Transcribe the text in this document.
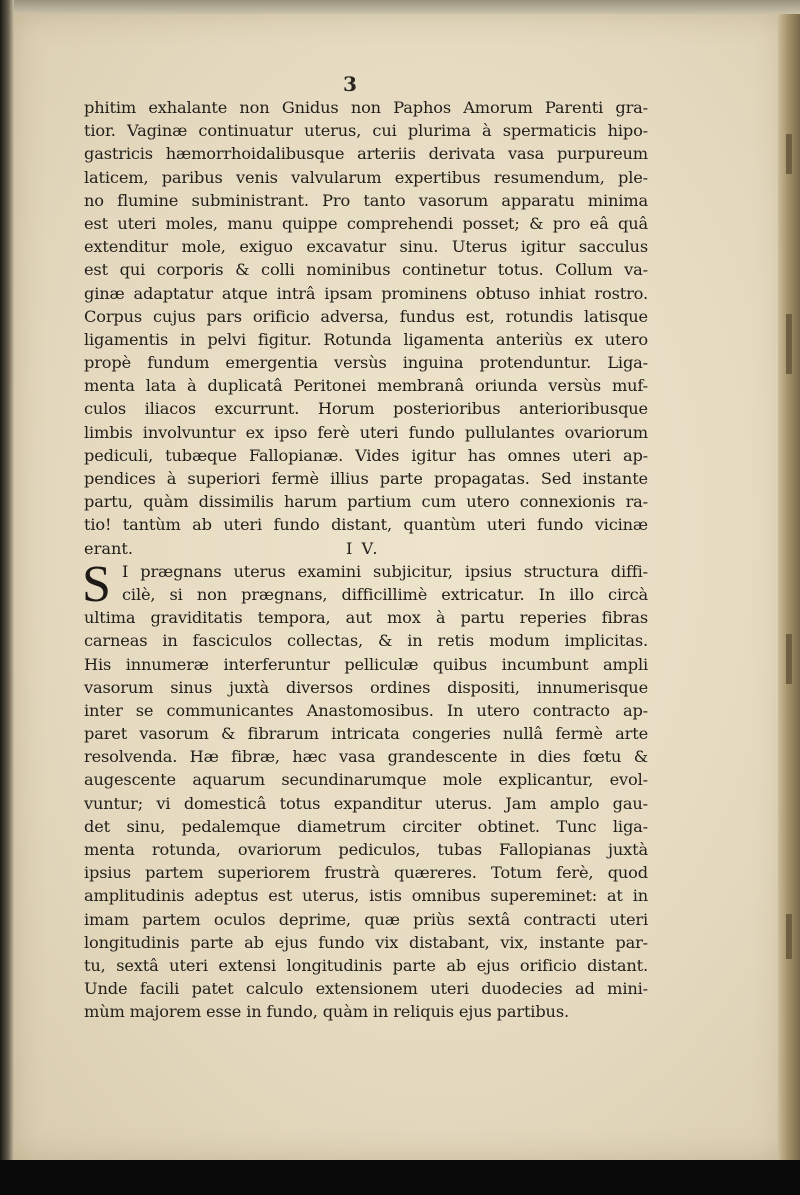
3
phitim exhalante non Gnidus non Paphos Amorum Parenti gra-
tior. Vaginæ continuatur uterus, cui plurima à spermaticis hipo-
gastricis hæmorrhoidalibusque arteriis derivata vasa purpureum
laticem, paribus venis valvularum expertibus resumendum, ple-
no flumine subministrant. Pro tanto vasorum apparatu minima
est uteri moles, manu quippe comprehendi posset; & pro eâ quâ
extenditur mole, exiguo excavatur sinu. Uterus igitur sacculus
est qui corporis & colli nominibus continetur totus. Collum va-
ginæ adaptatur atque intrâ ipsam prominens obtuso inhiat rostro.
Corpus cujus pars orificio adversa, fundus est, rotundis latisque
ligamentis in pelvi figitur. Rotunda ligamenta anteriùs ex utero
propè fundum emergentia versùs inguina protenduntur. Liga-
menta lata à duplicatâ Peritonei membranâ oriunda versùs muf-
culos iliacos excurrunt. Horum posterioribus anterioribusque
limbis involvuntur ex ipso ferè uteri fundo pullulantes ovariorum
pediculi, tubæque Fallopianæ. Vides igitur has omnes uteri ap-
pendices à superiori fermè illius parte propagatas. Sed instante
partu, quàm dissimilis harum partium cum utero connexionis ra-
tio! tantùm ab uteri fundo distant, quantùm uteri fundo vicinæ
erant.	I V.
S I prægnans uterus examini subjicitur, ipsius structura diffi-
cilè, si non prægnans, difficillimè extricatur. In illo circà
ultima graviditatis tempora, aut mox à partu reperies fibras
carneas in fasciculos collectas, & in retis modum implicitas.
His innumeræ interferuntur pelliculæ quibus incumbunt ampli
vasorum sinus juxtà diversos ordines dispositi, innumerisque
inter se communicantes Anastomosibus. In utero contracto ap-
paret vasorum & fibrarum intricata congeries nullâ fermè arte
resolvenda. Hæ fibræ, hæc vasa grandescente in dies fœtu &
augescente aquarum secundinarumque mole explicantur, evol-
vuntur; vi domesticâ totus expanditur uterus. Jam amplo gau-
det sinu, pedalemque diametrum circiter obtinet. Tunc liga-
menta rotunda, ovariorum pediculos, tubas Fallopianas juxtà
ipsius partem superiorem frustrà quæreres. Totum ferè, quod
amplitudinis adeptus est uterus, istis omnibus supereminet: at in
imam partem oculos deprime, quæ priùs sextâ contracti uteri
longitudinis parte ab ejus fundo vix distabant, vix, instante par-
tu, sextâ uteri extensi longitudinis parte ab ejus orificio distant.
Unde facili patet calculo extensionem uteri duodecies ad mini-
mùm majorem esse in fundo, quàm in reliquis ejus partibus.
